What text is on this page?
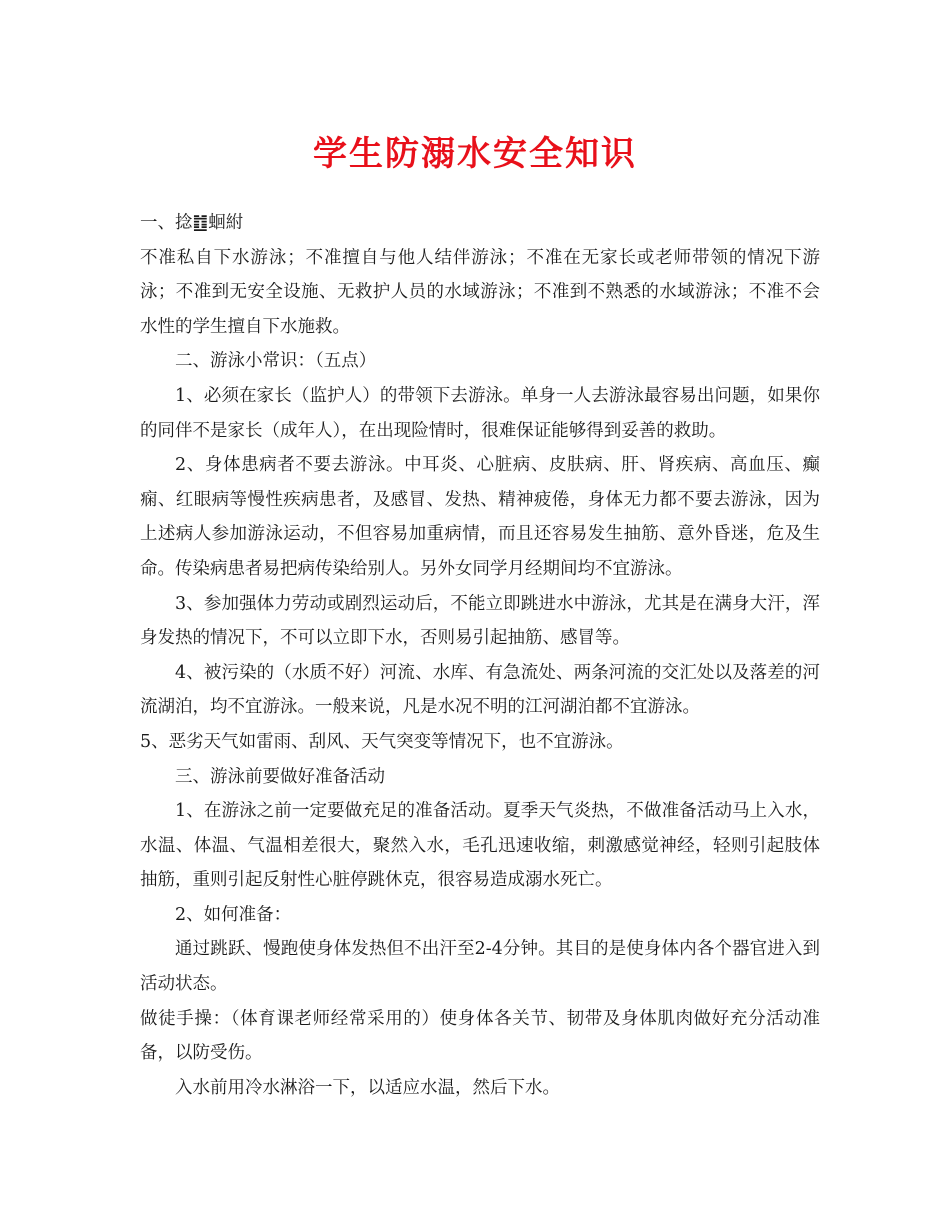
学生防溺水安全知识

一、捻䷂蛔紨

不准私自下水游泳；不准擅自与他人结伴游泳；不准在无家长或老师带领的情况下游泳；不准到无安全设施、无救护人员的水域游泳；不准到不熟悉的水域游泳；不准不会水性的学生擅自下水施救。

二、游泳小常识：（五点）

1、必须在家长（监护人）的带领下去游泳。单身一人去游泳最容易出问题，如果你的同伴不是家长（成年人），在出现险情时，很难保证能够得到妥善的救助。

2、身体患病者不要去游泳。中耳炎、心脏病、皮肤病、肝、肾疾病、高血压、癫痫、红眼病等慢性疾病患者，及感冒、发热、精神疲倦，身体无力都不要去游泳，因为上述病人参加游泳运动，不但容易加重病情，而且还容易发生抽筋、意外昏迷，危及生命。传染病患者易把病传染给别人。另外女同学月经期间均不宜游泳。

3、参加强体力劳动或剧烈运动后，不能立即跳进水中游泳，尤其是在满身大汗，浑身发热的情况下，不可以立即下水，否则易引起抽筋、感冒等。

4、被污染的（水质不好）河流、水库、有急流处、两条河流的交汇处以及落差的河流湖泊，均不宜游泳。一般来说，凡是水况不明的江河湖泊都不宜游泳。

5、恶劣天气如雷雨、刮风、天气突变等情况下，也不宜游泳。

三、游泳前要做好准备活动

1、在游泳之前一定要做充足的准备活动。夏季天气炎热，不做准备活动马上入水，水温、体温、气温相差很大，聚然入水，毛孔迅速收缩，刺激感觉神经，轻则引起肢体抽筋，重则引起反射性心脏停跳休克，很容易造成溺水死亡。

2、如何准备：

通过跳跃、慢跑使身体发热但不出汗至2-4分钟。其目的是使身体内各个器官进入到活动状态。

做徒手操：（体育课老师经常采用的）使身体各关节、韧带及身体肌肉做好充分活动准备，以防受伤。

入水前用冷水淋浴一下，以适应水温，然后下水。
